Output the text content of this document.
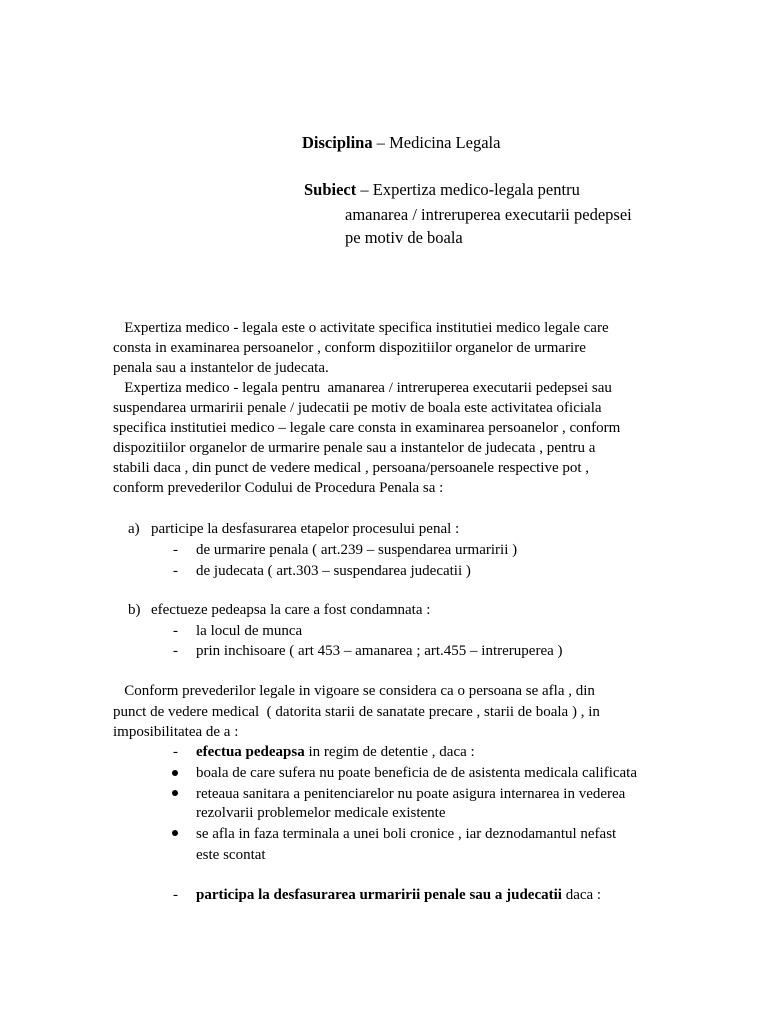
Disciplina – Medicina Legala
Subiect – Expertiza medico-legala pentru
amanarea / intreruperea executarii pedepsei
pe motiv de boala
Expertiza medico - legala este o activitate specifica institutiei medico legale care
consta in examinarea persoanelor , conform dispozitiilor organelor de urmarire
penala sau a instantelor de judecata.
Expertiza medico - legala pentru  amanarea / intreruperea executarii pedepsei sau
suspendarea urmaririi penale / judecatii pe motiv de boala este activitatea oficiala
specifica institutiei medico – legale care consta in examinarea persoanelor , conform
dispozitiilor organelor de urmarire penale sau a instantelor de judecata , pentru a
stabili daca , din punct de vedere medical , persoana/persoanele respective pot ,
conform prevederilor Codului de Procedura Penala sa :
a) participe la desfasurarea etapelor procesului penal :
- de urmarire penala ( art.239 – suspendarea urmaririi )
- de judecata ( art.303 – suspendarea judecatii )
b) efectueze pedeapsa la care a fost condamnata :
- la locul de munca
- prin inchisoare ( art 453 – amanarea ; art.455 – intreruperea )
Conform prevederilor legale in vigoare se considera ca o persoana se afla , din
punct de vedere medical  ( datorita starii de sanatate precare , starii de boala ) , in
imposibilitatea de a :
- efectua pedeapsa in regim de detentie , daca :
boala de care sufera nu poate beneficia de de asistenta medicala calificata
reteaua sanitara a penitenciarelor nu poate asigura internarea in vederea
rezolvarii problemelor medicale existente
se afla in faza terminala a unei boli cronice , iar deznodamantul nefast
este scontat
- participa la desfasurarea urmaririi penale sau a judecatii daca :
